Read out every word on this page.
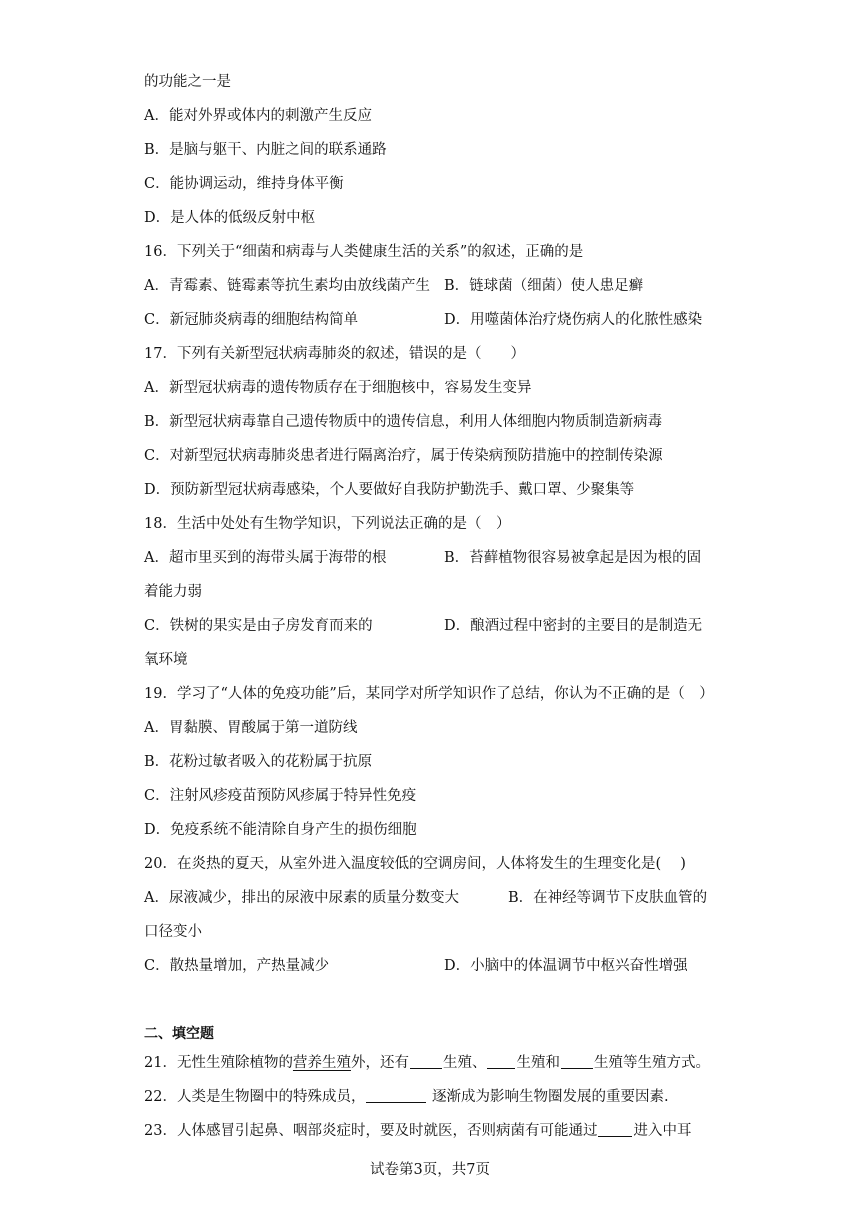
的功能之一是
A．能对外界或体内的刺激产生反应
B．是脑与躯干、内脏之间的联系通路
C．能协调运动，维持身体平衡
D．是人体的低级反射中枢
16．下列关于“细菌和病毒与人类健康生活的关系”的叙述，正确的是
A．青霉素、链霉素等抗生素均由放线菌产生 B．链球菌（细菌）使人患足癣
C．新冠肺炎病毒的细胞结构简单	D．用噬菌体治疗烧伤病人的化脓性感染
17．下列有关新型冠状病毒肺炎的叙述，错误的是（　　）
A．新型冠状病毒的遗传物质存在于细胞核中，容易发生变异
B．新型冠状病毒靠自己遗传物质中的遗传信息，利用人体细胞内物质制造新病毒
C．对新型冠状病毒肺炎患者进行隔离治疗，属于传染病预防措施中的控制传染源
D．预防新型冠状病毒感染，个人要做好自我防护勤洗手、戴口罩、少聚集等
18．生活中处处有生物学知识，下列说法正确的是（　）
A．超市里买到的海带头属于海带的根	B．苔藓植物很容易被拿起是因为根的固
着能力弱
C．铁树的果实是由子房发育而来的	D．酿酒过程中密封的主要目的是制造无
氧环境
19．学习了“人体的免疫功能”后，某同学对所学知识作了总结，你认为不正确的是（　）
A．胃黏膜、胃酸属于第一道防线
B．花粉过敏者吸入的花粉属于抗原
C．注射风疹疫苗预防风疹属于特异性免疫
D．免疫系统不能清除自身产生的损伤细胞
20．在炎热的夏天，从室外进入温度较低的空调房间，人体将发生的生理变化是(　 )
A．尿液减少，排出的尿液中尿素的质量分数变大	B．在神经等调节下皮肤血管的
口径变小
C．散热量增加，产热量减少	D．小脑中的体温调节中枢兴奋性增强
二、填空题
21．无性生殖除植物的营养生殖外，还有 生殖、 生殖和 生殖等生殖方式。
22．人类是生物圈中的特殊成员，	逐渐成为影响生物圈发展的重要因素.
23．人体感冒引起鼻、咽部炎症时，要及时就医，否则病菌有可能通过 进入中耳
试卷第3页，共7页
